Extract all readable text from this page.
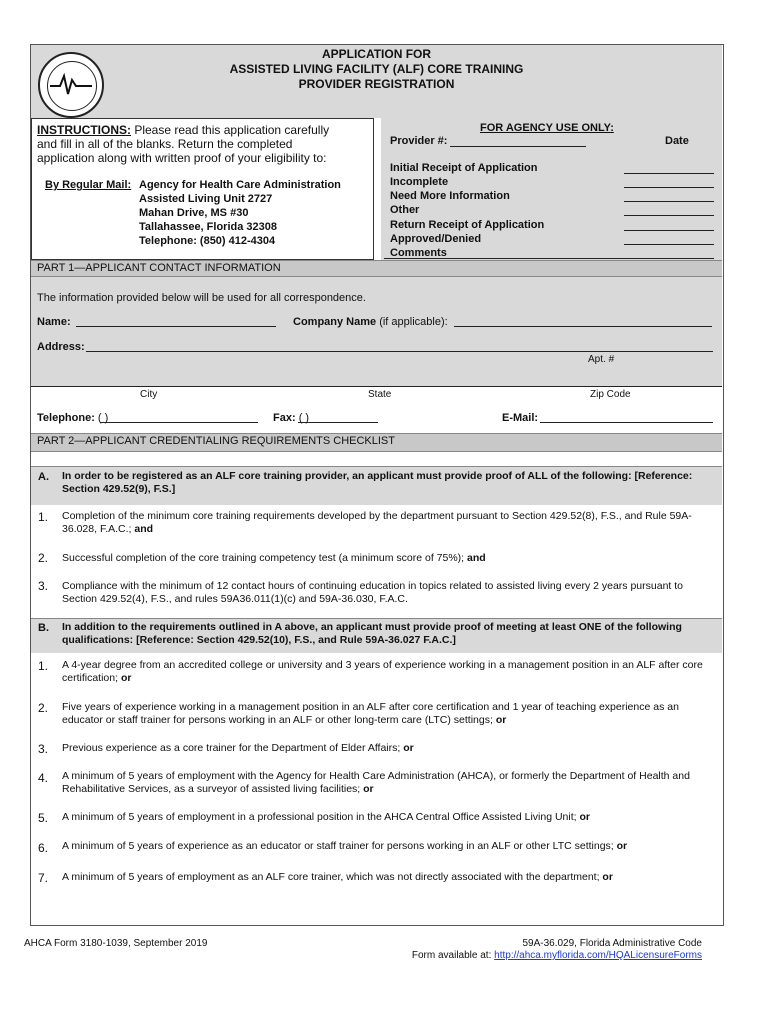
APPLICATION FOR
ASSISTED LIVING FACILITY (ALF) CORE TRAINING
PROVIDER REGISTRATION
FOR AGENCY USE ONLY:
Provider #:	Date
Initial Receipt of Application
Incomplete
Need More Information
Other
Return Receipt of Application
Approved/Denied
Comments
INSTRUCTIONS: Please read this application carefully
and fill in all of the blanks. Return the completed
application along with written proof of your eligibility to:
By Regular Mail: Agency for Health Care Administration
Assisted Living Unit 2727
Mahan Drive, MS #30
Tallahassee, Florida 32308
Telephone: (850) 412-4304
PART 1—APPLICANT CONTACT INFORMATION
The information provided below will be used for all correspondence.
Name:	Company Name (if applicable):
Address:
Apt. #
City	State	Zip Code
Telephone: ( )	Fax: ( )	E-Mail:
PART 2—APPLICANT CREDENTIALING REQUIREMENTS CHECKLIST
A. In order to be registered as an ALF core training provider, an applicant must provide proof of ALL of the following: [Reference: Section 429.52(9), F.S.]
1. Completion of the minimum core training requirements developed by the department pursuant to Section 429.52(8), F.S., and Rule 59A-36.028, F.A.C.; and
2. Successful completion of the core training competency test (a minimum score of 75%); and
3. Compliance with the minimum of 12 contact hours of continuing education in topics related to assisted living every 2 years pursuant to Section 429.52(4), F.S., and rules 59A36.011(1)(c) and 59A-36.030, F.A.C.
B. In addition to the requirements outlined in A above, an applicant must provide proof of meeting at least ONE of the following qualifications: [Reference: Section 429.52(10), F.S., and Rule 59A-36.027 F.A.C.]
1. A 4-year degree from an accredited college or university and 3 years of experience working in a management position in an ALF after core certification; or
2. Five years of experience working in a management position in an ALF after core certification and 1 year of teaching experience as an educator or staff trainer for persons working in an ALF or other long-term care (LTC) settings; or
3. Previous experience as a core trainer for the Department of Elder Affairs; or
4. A minimum of 5 years of employment with the Agency for Health Care Administration (AHCA), or formerly the Department of Health and Rehabilitative Services, as a surveyor of assisted living facilities; or
5. A minimum of 5 years of employment in a professional position in the AHCA Central Office Assisted Living Unit; or
6. A minimum of 5 years of experience as an educator or staff trainer for persons working in an ALF or other LTC settings; or
7. A minimum of 5 years of employment as an ALF core trainer, which was not directly associated with the department; or
AHCA Form 3180-1039, September 2019	59A-36.029, Florida Administrative Code
Form available at: http://ahca.myflorida.com/HQALicensureForms
